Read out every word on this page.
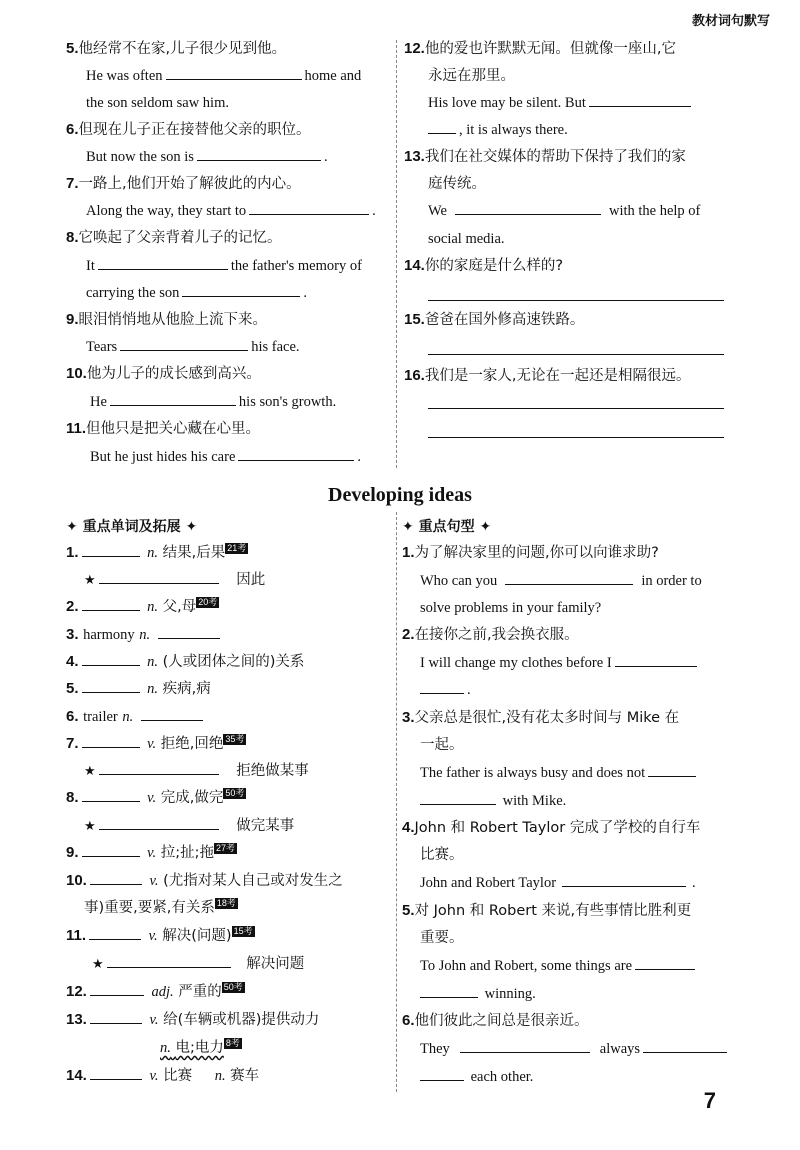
教材词句默写
5.他经常不在家,儿子很少见到他。
He was often	home and
the son seldom saw him.
6.但现在儿子正在接替他父亲的职位。
But now the son is	.
7.一路上,他们开始了解彼此的内心。
Along the way, they start to	.
8.它唤起了父亲背着儿子的记忆。
It	the father's memory of
carrying the son	.
9.眼泪悄悄地从他脸上流下来。
Tears	his face.
10.他为儿子的成长感到高兴。
He	his son's growth.
11.但他只是把关心藏在心里。
But he just hides his care	.
12.他的爱也许默默无闻。但就像一座山,它
永远在那里。
His love may be silent. But
, it is always there.
13.我们在社交媒体的帮助下保持了我们的家
庭传统。
We	with the help of
social media.
14.你的家庭是什么样的?
15.爸爸在国外修高速铁路。
16.我们是一家人,无论在一起还是相隔很远。
Developing ideas
✦ 重点单词及拓展 ✦
1.	n. 结果,后果 21考
★	因此
2.	n. 父,母 20考
3. harmony n.
4.	n. (人或团体之间的)关系
5.	n. 疾病,病
6. trailer n.
7.	v. 拒绝,回绝 35考
★	拒绝做某事
8.	v. 完成,做完 50考
★	做完某事
9.	v. 拉;扯;拖 27考
10.	v. (尤指对某人自己或对发生之
事)重要,要紧,有关系 18考
11.	v. 解决(问题) 15考
★	解决问题
12.	adj. 严重的 50考
13.	v. 给(车辆或机器)提供动力
n. 电;电力 8考
14.	v. 比赛 n. 赛车
✦ 重点句型 ✦
1.为了解决家里的问题,你可以向谁求助?
Who can you	in order to
solve problems in your family?
2.在接你之前,我会换衣服。
I will change my clothes before I
.
3.父亲总是很忙,没有花太多时间与 Mike 在
一起。
The father is always busy and does not
with Mike.
4.John 和 Robert Taylor 完成了学校的自行车
比赛。
John and Robert Taylor	.
5.对 John 和 Robert 来说,有些事情比胜利更
重要。
To John and Robert, some things are
winning.
6.他们彼此之间总是很亲近。
They	always
each other.
7
